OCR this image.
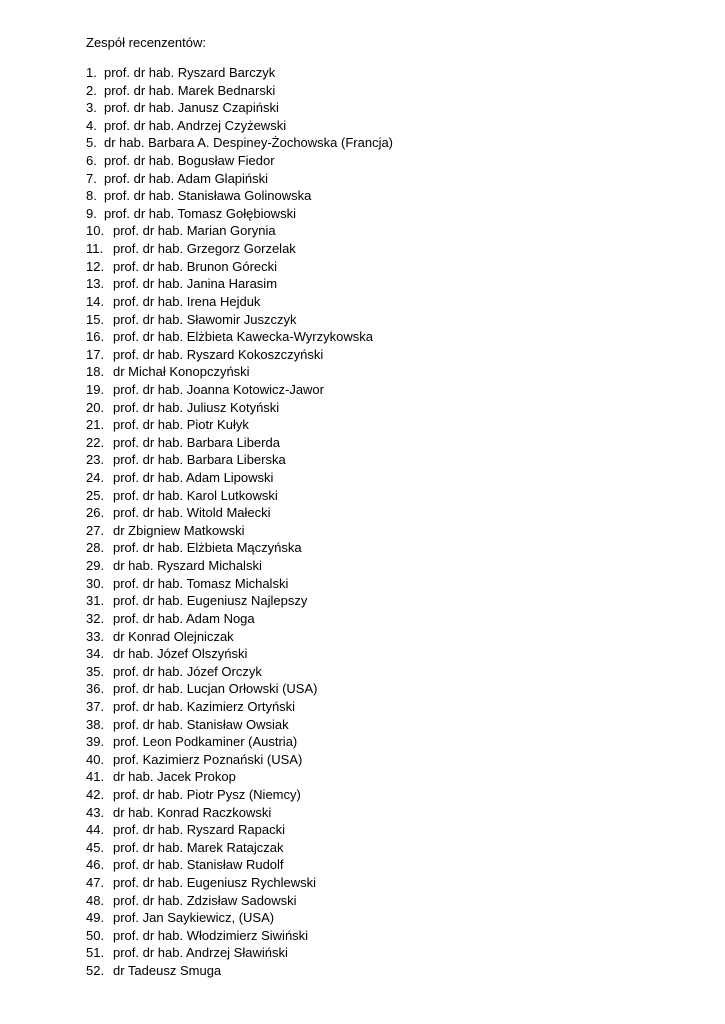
Zespół recenzentów:
1. prof. dr hab. Ryszard Barczyk
2. prof. dr hab. Marek Bednarski
3. prof. dr hab. Janusz Czapiński
4. prof. dr hab. Andrzej Czyżewski
5. dr hab. Barbara A. Despiney-Żochowska (Francja)
6. prof. dr hab. Bogusław Fiedor
7. prof. dr hab. Adam Glapiński
8. prof. dr hab. Stanisława Golinowska
9. prof. dr hab. Tomasz Gołębiowski
10. prof. dr hab. Marian Gorynia
11. prof. dr hab. Grzegorz Gorzelak
12. prof. dr hab. Brunon Górecki
13. prof. dr hab. Janina Harasim
14. prof. dr hab. Irena Hejduk
15. prof. dr hab. Sławomir Juszczyk
16. prof. dr hab. Elżbieta Kawecka-Wyrzykowska
17. prof. dr hab. Ryszard Kokoszczyński
18. dr Michał Konopczyński
19. prof. dr hab. Joanna Kotowicz-Jawor
20. prof. dr hab. Juliusz Kotyński
21. prof. dr hab. Piotr Kułyk
22. prof. dr hab. Barbara Liberda
23. prof. dr hab. Barbara Liberska
24. prof. dr hab. Adam Lipowski
25. prof. dr hab. Karol Lutkowski
26. prof. dr hab. Witold Małecki
27. dr Zbigniew Matkowski
28. prof. dr hab. Elżbieta Mączyńska
29. dr hab. Ryszard Michalski
30. prof. dr hab. Tomasz Michalski
31. prof. dr hab. Eugeniusz Najlepszy
32. prof. dr hab. Adam Noga
33. dr Konrad Olejniczak
34. dr hab. Józef Olszyński
35. prof. dr hab. Józef Orczyk
36. prof. dr hab. Lucjan Orłowski (USA)
37. prof. dr hab. Kazimierz Ortyński
38. prof. dr hab. Stanisław Owsiak
39. prof. Leon Podkaminer (Austria)
40. prof. Kazimierz Poznański (USA)
41. dr hab. Jacek Prokop
42. prof. dr hab. Piotr Pysz (Niemcy)
43. dr hab. Konrad Raczkowski
44. prof. dr hab. Ryszard Rapacki
45. prof. dr hab. Marek Ratajczak
46. prof. dr hab. Stanisław Rudolf
47. prof. dr hab. Eugeniusz Rychlewski
48. prof. dr hab. Zdzisław Sadowski
49. prof. Jan Saykiewicz, (USA)
50. prof. dr hab. Włodzimierz Siwiński
51. prof. dr hab. Andrzej Sławiński
52. dr Tadeusz Smuga
